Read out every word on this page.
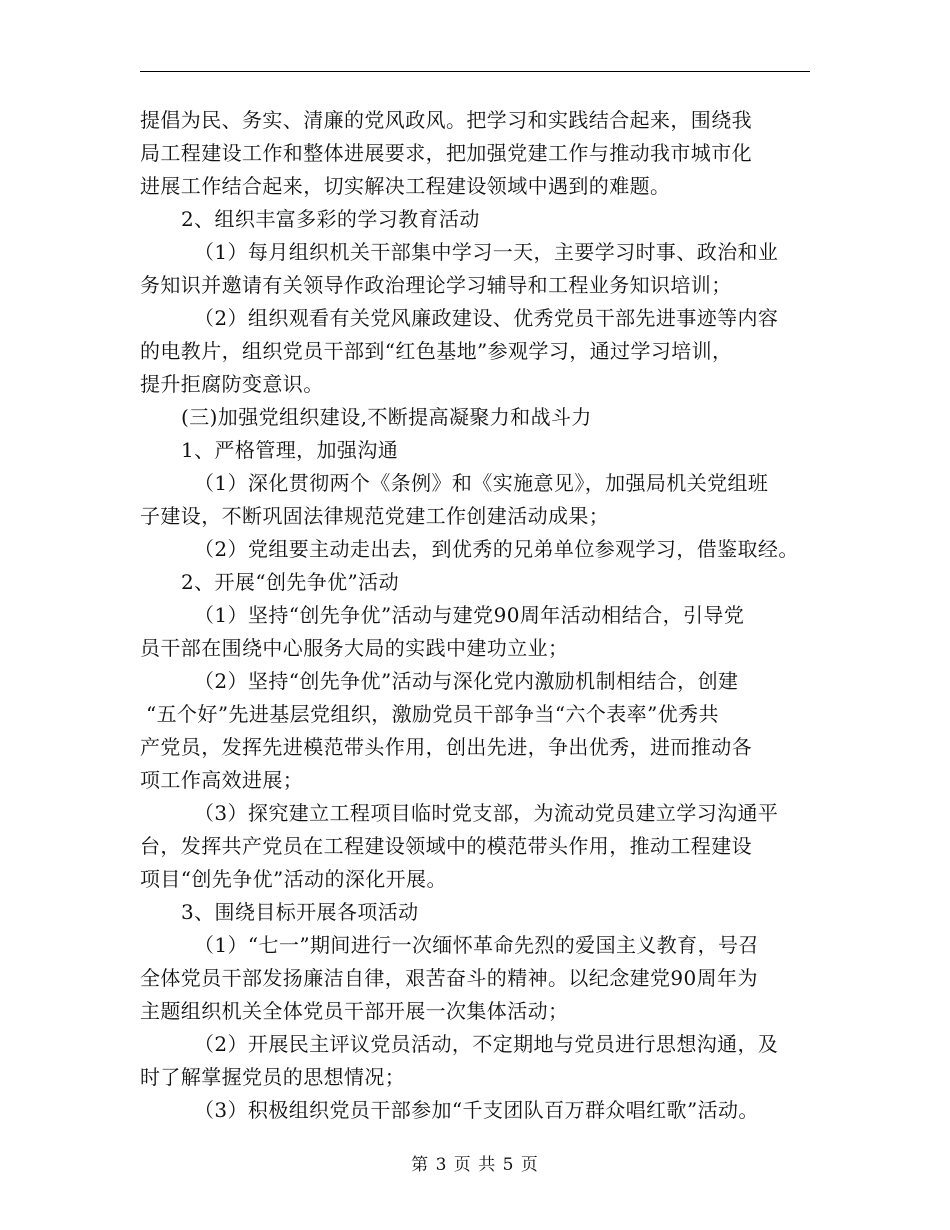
提倡为民、务实、清廉的党风政风。把学习和实践结合起来，围绕我
局工程建设工作和整体进展要求，把加强党建工作与推动我市城市化
进展工作结合起来，切实解决工程建设领域中遇到的难题。
2、组织丰富多彩的学习教育活动
（1）每月组织机关干部集中学习一天，主要学习时事、政治和业
务知识并邀请有关领导作政治理论学习辅导和工程业务知识培训；
（2）组织观看有关党风廉政建设、优秀党员干部先进事迹等内容
的电教片，组织党员干部到“红色基地”参观学习，通过学习培训，
提升拒腐防变意识。
(三)加强党组织建设,不断提高凝聚力和战斗力
1、严格管理，加强沟通
（1）深化贯彻两个《条例》和《实施意见》，加强局机关党组班
子建设，不断巩固法律规范党建工作创建活动成果；
（2）党组要主动走出去，到优秀的兄弟单位参观学习，借鉴取经。
2、开展“创先争优”活动
（1）坚持“创先争优”活动与建党90周年活动相结合，引导党
员干部在围绕中心服务大局的实践中建功立业；
（2）坚持“创先争优”活动与深化党内激励机制相结合，创建
“五个好”先进基层党组织，激励党员干部争当“六个表率”优秀共
产党员，发挥先进模范带头作用，创出先进，争出优秀，进而推动各
项工作高效进展；
（3）探究建立工程项目临时党支部，为流动党员建立学习沟通平
台，发挥共产党员在工程建设领域中的模范带头作用，推动工程建设
项目“创先争优”活动的深化开展。
3、围绕目标开展各项活动
（1）“七一”期间进行一次缅怀革命先烈的爱国主义教育，号召
全体党员干部发扬廉洁自律，艰苦奋斗的精神。以纪念建党90周年为
主题组织机关全体党员干部开展一次集体活动；
（2）开展民主评议党员活动，不定期地与党员进行思想沟通，及
时了解掌握党员的思想情况；
（3）积极组织党员干部参加“千支团队百万群众唱红歌”活动。
第 3 页 共 5 页
